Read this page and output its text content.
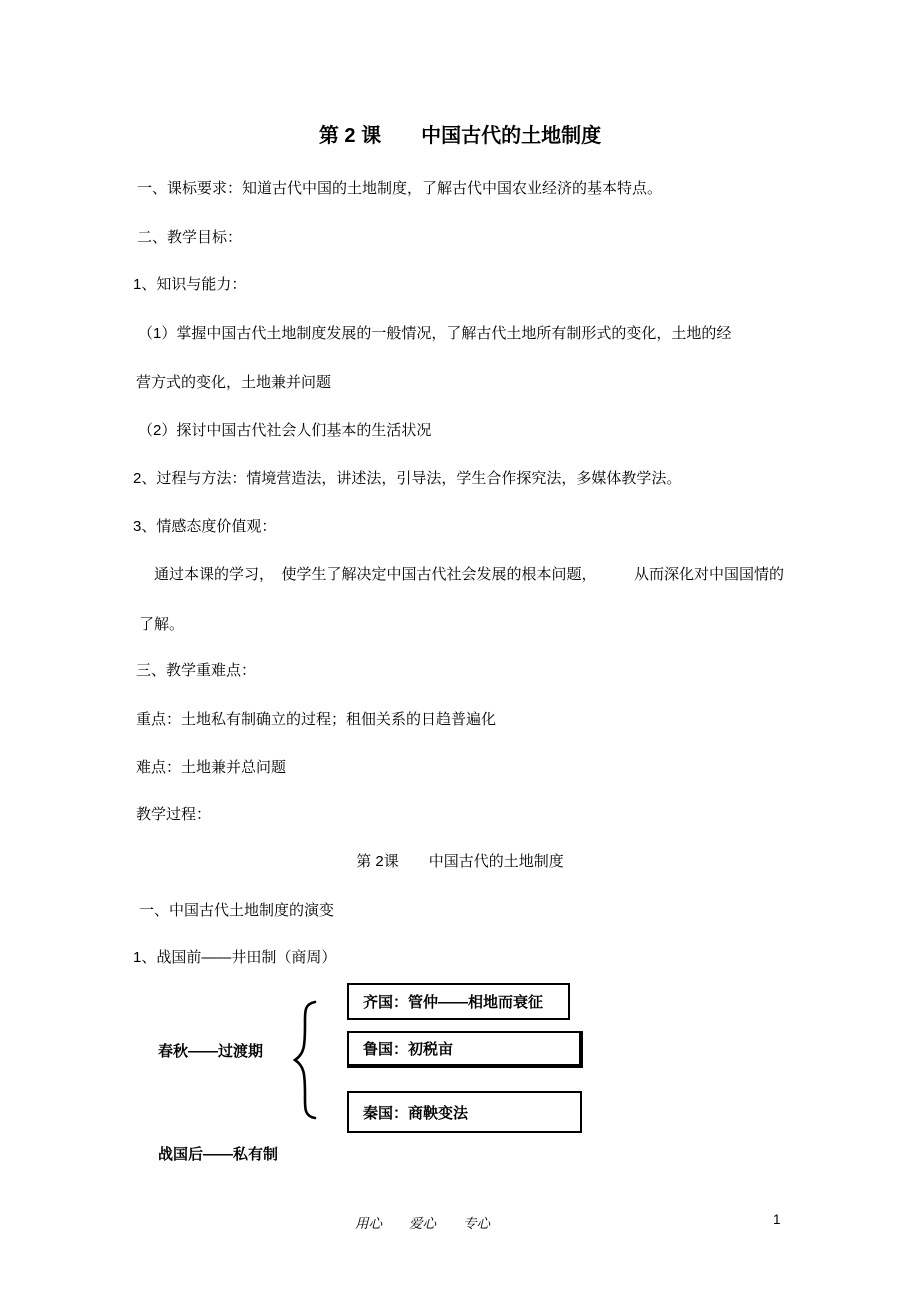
第 2 课　　中国古代的土地制度
一、课标要求：知道古代中国的土地制度，了解古代中国农业经济的基本特点。
二、教学目标：
1、知识与能力：
（1）掌握中国古代土地制度发展的一般情况，了解古代土地所有制形式的变化，土地的经
营方式的变化，土地兼并问题
（2）探讨中国古代社会人们基本的生活状况
2、过程与方法：情境营造法，讲述法，引导法，学生合作探究法，多媒体教学法。
3、情感态度价值观：
通过本课的学习，　使学生了解决定中国古代社会发展的根本问题，　　　从而深化对中国国情的
了解。
三、教学重难点：
重点：土地私有制确立的过程；租佃关系的日趋普遍化
难点：土地兼并总问题
教学过程：
第 2课　　中国古代的土地制度
一、中国古代土地制度的演变
1、战国前——井田制（商周）
春秋——过渡期
齐国：管仲——相地而衰征
鲁国：初税亩
秦国：商鞅变法
战国后——私有制
用心 爱心 专心	1
